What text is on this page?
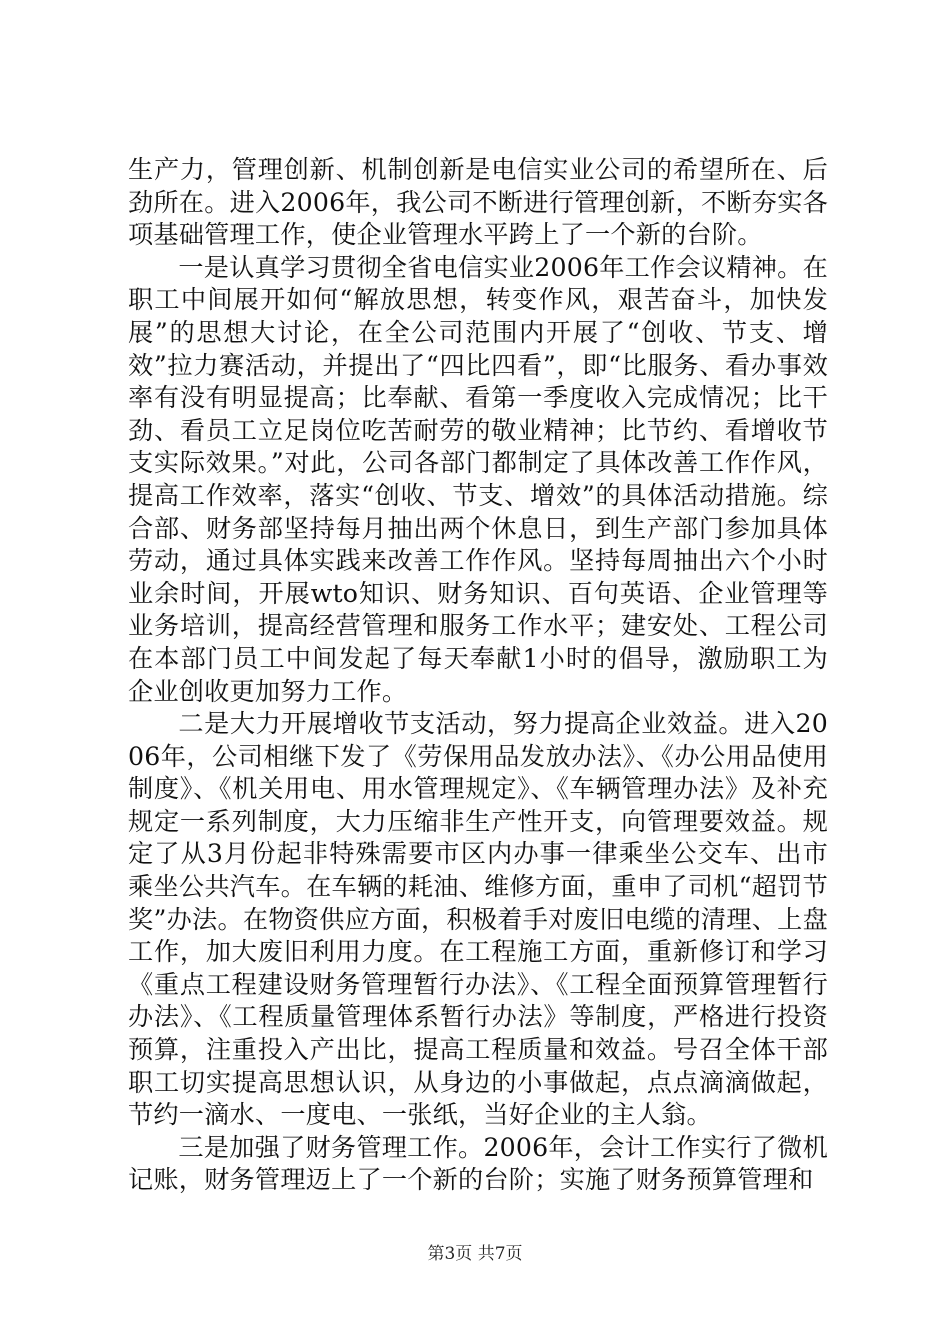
生产力，管理创新、机制创新是电信实业公司的希望所在、后劲所在。进入2006年，我公司不断进行管理创新，不断夯实各项基础管理工作，使企业管理水平跨上了一个新的台阶。

一是认真学习贯彻全省电信实业2006年工作会议精神。在职工中间展开如何“解放思想，转变作风，艰苦奋斗，加快发展”的思想大讨论，在全公司范围内开展了“创收、节支、增效”拉力赛活动，并提出了“四比四看”，即“比服务、看办事效率有没有明显提高；比奉献、看第一季度收入完成情况；比干劲、看员工立足岗位吃苦耐劳的敬业精神；比节约、看增收节支实际效果。”对此，公司各部门都制定了具体改善工作作风，提高工作效率，落实“创收、节支、增效”的具体活动措施。综合部、财务部坚持每月抽出两个休息日，到生产部门参加具体劳动，通过具体实践来改善工作作风。坚持每周抽出六个小时业余时间，开展wto知识、财务知识、百句英语、企业管理等业务培训，提高经营管理和服务工作水平；建安处、工程公司在本部门员工中间发起了每天奉献1小时的倡导，激励职工为企业创收更加努力工作。

二是大力开展增收节支活动，努力提高企业效益。进入2006年，公司相继下发了《劳保用品发放办法》、《办公用品使用制度》、《机关用电、用水管理规定》、《车辆管理办法》及补充规定一系列制度，大力压缩非生产性开支，向管理要效益。规定了从3月份起非特殊需要市区内办事一律乘坐公交车、出市乘坐公共汽车。在车辆的耗油、维修方面，重申了司机“超罚节奖”办法。在物资供应方面，积极着手对废旧电缆的清理、上盘工作，加大废旧利用力度。在工程施工方面，重新修订和学习《重点工程建设财务管理暂行办法》、《工程全面预算管理暂行办法》、《工程质量管理体系暂行办法》等制度，严格进行投资预算，注重投入产出比，提高工程质量和效益。号召全体干部职工切实提高思想认识，从身边的小事做起，点点滴滴做起，节约一滴水、一度电、一张纸，当好企业的主人翁。

三是加强了财务管理工作。2006年，会计工作实行了微机记账，财务管理迈上了一个新的台阶；实施了财务预算管理和

第3页 共7页
